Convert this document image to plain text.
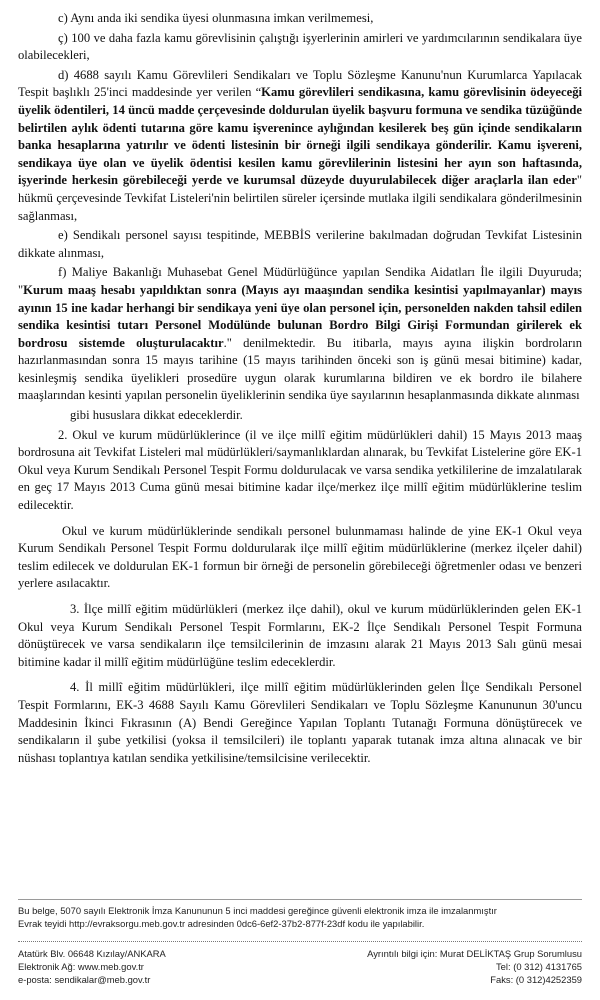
c) Aynı anda iki sendika üyesi olunmasına imkan verilmemesi,

ç) 100 ve daha fazla kamu görevlisinin çalıştığı işyerlerinin amirleri ve yardımcılarının sendikalara üye olabilecekleri,

d) 4688 sayılı Kamu Görevlileri Sendikaları ve Toplu Sözleşme Kanunu'nun Kurumlarca Yapılacak Tespit başlıklı 25'inci maddesinde yer verilen “Kamu görevlileri sendikasına, kamu görevlisinin ödeyeceği üyelik ödentileri, 14 üncü madde çerçevesinde doldurulan üyelik başvuru formuna ve sendika tüzüğünde belirtilen aylık ödenti tutarına göre kamu işverenince aylığından kesilerek beş gün içinde sendikaların banka hesaplarına yatırılır ve ödenti listesinin bir örneği ilgili sendikaya gönderilir. Kamu işvereni, sendikaya üye olan ve üyelik ödentisi kesilen kamu görevlilerinin listesini her ayın son haftasında, işyerinde herkesin görebileceği yerde ve kurumsal düzeyde duyurulabilecek diğer araçlarla ilan eder" hükmü çerçevesinde Tevkifat Listeleri'nin belirtilen süreler içersinde mutlaka ilgili sendikalara gönderilmesinin sağlanması,

e) Sendikalı personel sayısı tespitinde, MEBBİS verilerine bakılmadan doğrudan Tevkifat Listesinin dikkate alınması,

f) Maliye Bakanlığı Muhasebat Genel Müdürlüğünce yapılan Sendika Aidatları İle ilgili Duyuruda; "Kurum maaş hesabı yapıldıktan sonra (Mayıs ayı maaşından sendika kesintisi yapılmayanlar) mayıs ayının 15 ine kadar herhangi bir sendikaya yeni üye olan personel için, personelden nakden tahsil edilen sendika kesintisi tutarı Personel Modülünde bulunan Bordro Bilgi Girişi Formundan girilerek ek bordrosu sistemde oluşturulacaktır." denilmektedir. Bu itibarla, mayıs ayına ilişkin bordroların hazırlanmasından sonra 15 mayıs tarihine (15 mayıs tarihinden önceki son iş günü mesai bitimine) kadar, kesinleşmiş sendika üyelikleri prosedüre uygun olarak kurumlarına bildiren ve ek bordro ile bilahere maaşlarından kesinti yapılan personelin üyeliklerinin sendika üye sayılarının hesaplanmasında dikkate alınması

gibi hususlara dikkat edeceklerdir.

2. Okul ve kurum müdürlüklerince (il ve ilçe millî eğitim müdürlükleri dahil) 15 Mayıs 2013 maaş bordrosuna ait Tevkifat Listeleri mal müdürlükleri/saymanlıklardan alınarak, bu Tevkifat Listelerine göre EK-1 Okul veya Kurum Sendikalı Personel Tespit Formu doldurulacak ve varsa sendika yetkililerine de imzalatılarak en geç 17 Mayıs 2013 Cuma günü mesai bitimine kadar ilçe/merkez ilçe millî eğitim müdürlüklerine teslim edilecektir.

Okul ve kurum müdürlüklerinde sendikalı personel bulunmaması halinde de yine EK-1 Okul veya Kurum Sendikalı Personel Tespit Formu doldurularak ilçe millî eğitim müdürlüklerine (merkez ilçeler dahil) teslim edilecek ve doldurulan EK-1 formun bir örneği de personelin görebileceği öğretmenler odası ve benzeri yerlere asılacaktır.

3. İlçe millî eğitim müdürlükleri (merkez ilçe dahil), okul ve kurum müdürlüklerinden gelen EK-1 Okul veya Kurum Sendikalı Personel Tespit Formlarını, EK-2 İlçe Sendikalı Personel Tespit Formuna dönüştürecek ve varsa sendikaların ilçe temsilcilerinin de imzasını alarak 21 Mayıs 2013 Salı günü mesai bitimine kadar il millî eğitim müdürlüğüne teslim edeceklerdir.

4. İl millî eğitim müdürlükleri, ilçe millî eğitim müdürlüklerinden gelen İlçe Sendikalı Personel Tespit Formlarını, EK-3 4688 Sayılı Kamu Görevlileri Sendikaları ve Toplu Sözleşme Kanununun 30'uncu Maddesinin İkinci Fıkrasının (A) Bendi Gereğince Yapılan Toplantı Tutanağı Formuna dönüştürecek ve sendikaların il şube yetkilisi (yoksa il temsilcileri) ile toplantı yaparak tutanak imza altına alınacak ve bir nüshası toplantıya katılan sendika yetkilisine/temsilcisine verilecektir.

Bu belge, 5070 sayılı Elektronik İmza Kanununun 5 inci maddesi gereğince güvenli elektronik imza ile imzalanmıştır
Evrak teyidi http://evraksorgu.meb.gov.tr adresinden 0dc6-6ef2-37b2-877f-23df kodu ile yapılabilir.
Atatürk Blv. 06648 Kızılay/ANKARA	Ayrıntılı bilgi için: Murat DELİKTAŞ Grup Sorumlusu
Elektronik Ağ: www.meb.gov.tr	Tel: (0 312) 4131765
e-posta: sendikalar@meb.gov.tr	Faks: (0 312)4252359
